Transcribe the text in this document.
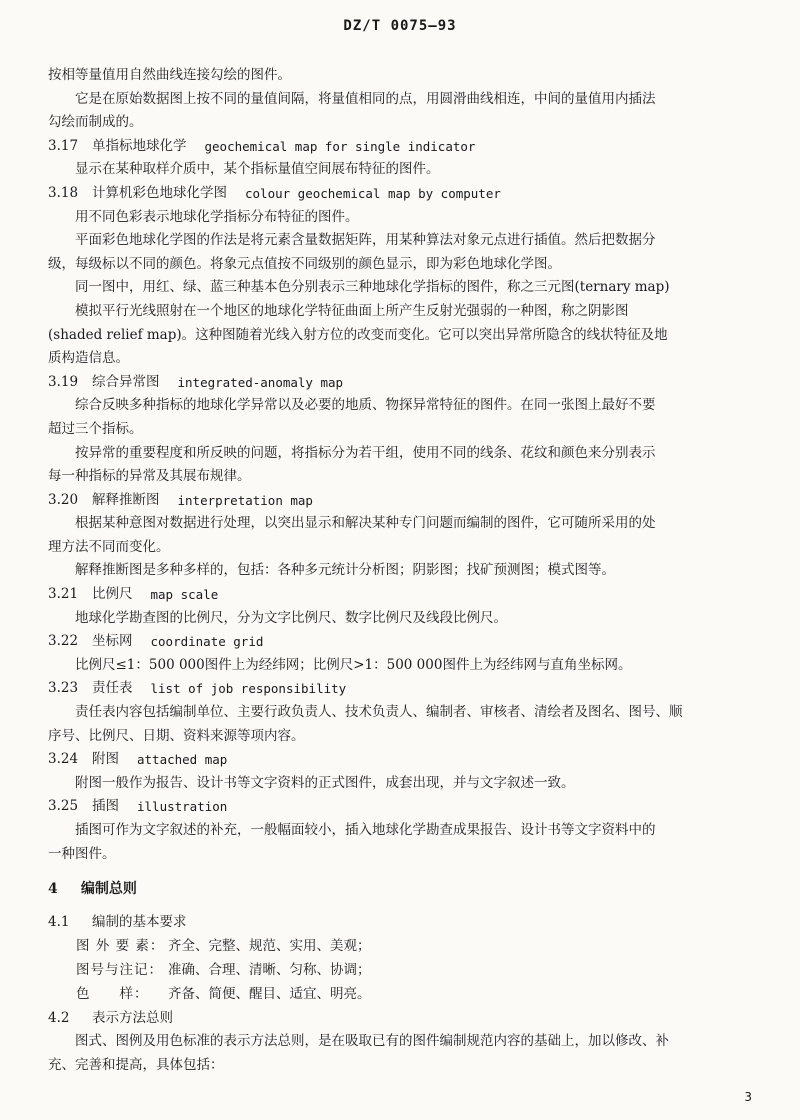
DZ/T 0075—93

按相等量值用自然曲线连接勾绘的图件。

它是在原始数据图上按不同的量值间隔，将量值相同的点，用圆滑曲线相连，中间的量值用内插法

勾绘而制成的。

3.17	单指标地球化学 geochemical map for single indicator

显示在某种取样介质中，某个指标量值空间展布特征的图件。

3.18	计算机彩色地球化学图 colour geochemical map by computer

用不同色彩表示地球化学指标分布特征的图件。

平面彩色地球化学图的作法是将元素含量数据矩阵，用某种算法对象元点进行插值。然后把数据分

级，每级标以不同的颜色。将象元点值按不同级别的颜色显示，即为彩色地球化学图。

同一图中，用红、绿、蓝三种基本色分别表示三种地球化学指标的图件，称之三元图(ternary map)

模拟平行光线照射在一个地区的地球化学特征曲面上所产生反射光强弱的一种图，称之阴影图

(shaded relief map)。这种图随着光线入射方位的改变而变化。它可以突出异常所隐含的线状特征及地

质构造信息。

3.19	综合异常图 integrated-anomaly map

综合反映多种指标的地球化学异常以及必要的地质、物探异常特征的图件。在同一张图上最好不要

超过三个指标。

按异常的重要程度和所反映的问题，将指标分为若干组，使用不同的线条、花纹和颜色来分别表示

每一种指标的异常及其展布规律。

3.20	解释推断图 interpretation map

根据某种意图对数据进行处理，以突出显示和解决某种专门问题而编制的图件，它可随所采用的处

理方法不同而变化。

解释推断图是多种多样的，包括：各种多元统计分析图；阴影图；找矿预测图；模式图等。

3.21	比例尺 map scale

地球化学勘查图的比例尺，分为文字比例尺、数字比例尺及线段比例尺。

3.22	坐标网 coordinate grid

比例尺≤1：500 000图件上为经纬网；比例尺>1：500 000图件上为经纬网与直角坐标网。

3.23	责任表 list of job responsibility

责任表内容包括编制单位、主要行政负责人、技术负责人、编制者、审核者、清绘者及图名、图号、顺

序号、比例尺、日期、资料来源等项内容。

3.24	附图 attached map

附图一般作为报告、设计书等文字资料的正式图件，成套出现，并与文字叙述一致。

3.25	插图 illustration

插图可作为文字叙述的补充，一般幅面较小，插入地球化学勘查成果报告、设计书等文字资料中的

一种图件。

4 编制总则
4.1	编制的基本要求
图 外 要 素： 齐全、完整、规范、实用、美观；
图号与注记： 准确、合理、清晰、匀称、协调；
色　　样：	齐备、简便、醒目、适宜、明亮。
4.2	表示方法总则

图式、图例及用色标准的表示方法总则，是在吸取已有的图件编制规范内容的基础上，加以修改、补

充、完善和提高，具体包括：

3
